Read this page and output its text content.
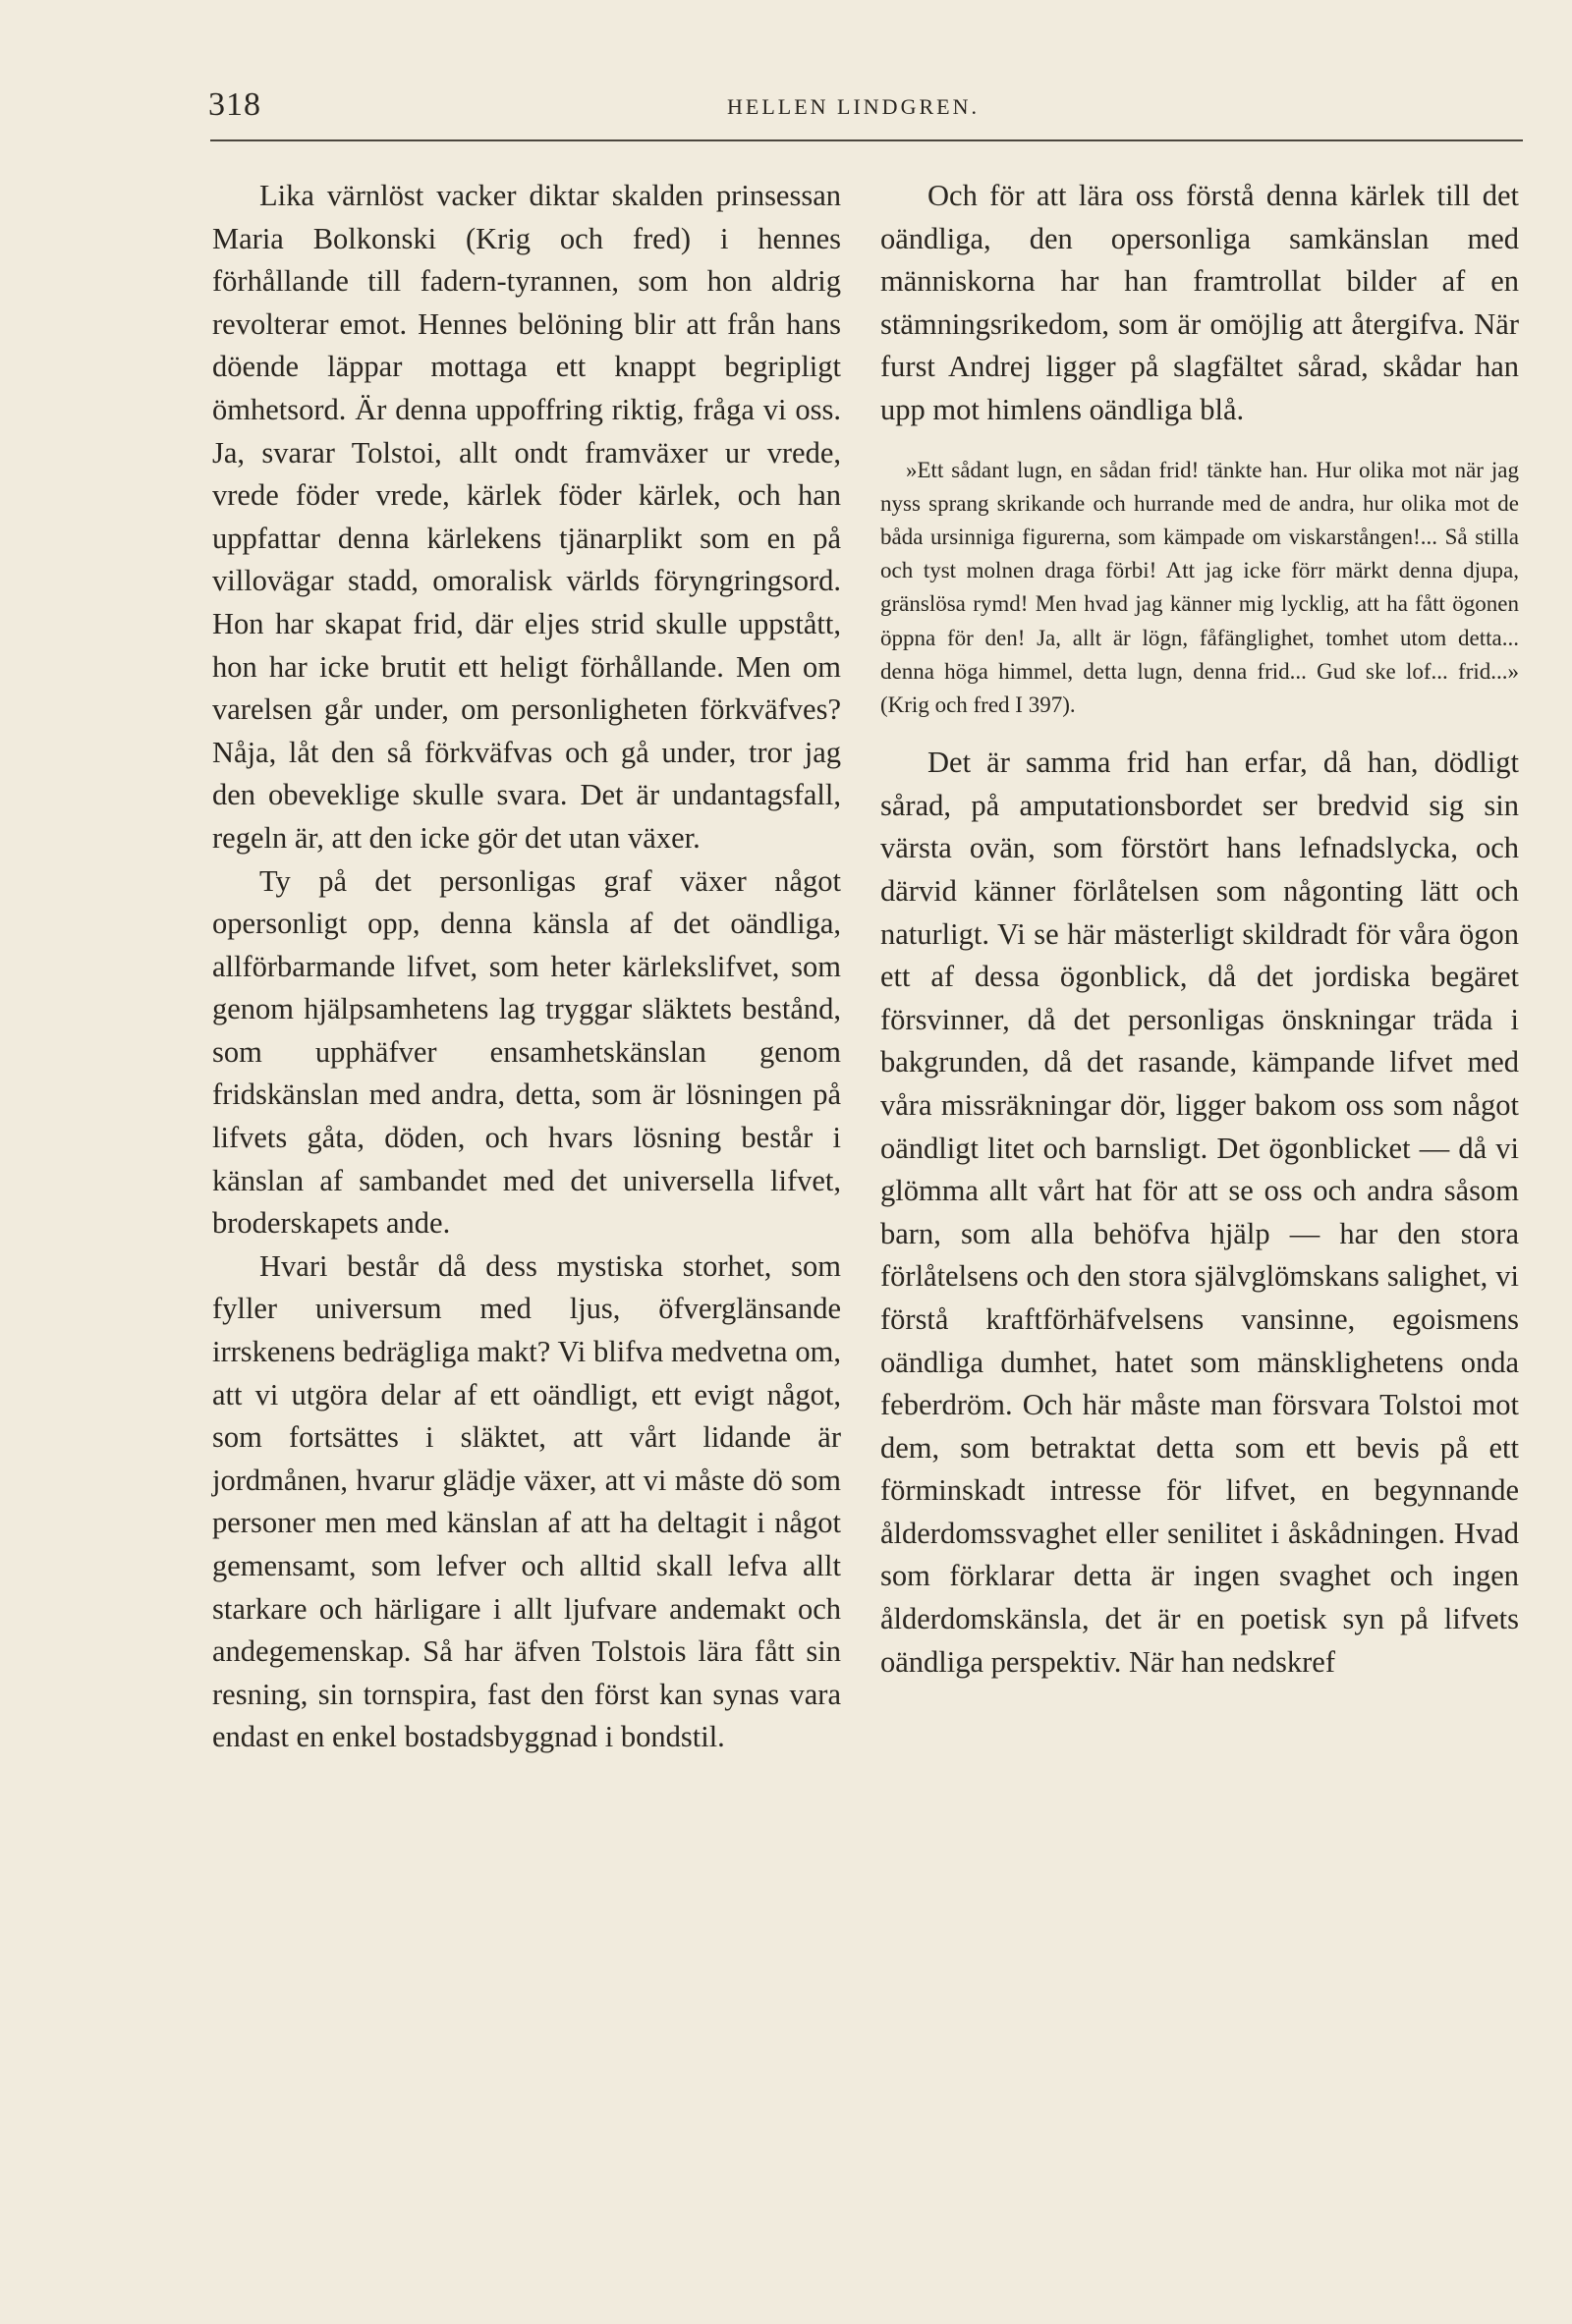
318	HELLEN LINDGREN.

Lika värnlöst vacker diktar skalden prinsessan Maria Bolkonski (Krig och fred) i hennes förhållande till fadern-tyrannen, som hon aldrig revolterar emot. Hennes belöning blir att från hans döende läppar mottaga ett knappt begripligt ömhetsord. Är denna uppoffring riktig, fråga vi oss. Ja, svarar Tolstoi, allt ondt framväxer ur vrede, vrede föder vrede, kärlek föder kärlek, och han uppfattar denna kärlekens tjänarplikt som en på villovägar stadd, omoralisk världs föryngringsord. Hon har skapat frid, där eljes strid skulle uppstått, hon har icke brutit ett heligt förhållande. Men om varelsen går under, om personligheten förkväfves? Nåja, låt den så förkväfvas och gå under, tror jag den obeveklige skulle svara. Det är undantagsfall, regeln är, att den icke gör det utan växer.

Ty på det personligas graf växer något opersonligt opp, denna känsla af det oändliga, allförbarmande lifvet, som heter kärlekslifvet, som genom hjälpsamhetens lag tryggar släktets bestånd, som upphäfver ensamhetskänslan genom fridskänslan med andra, detta, som är lösningen på lifvets gåta, döden, och hvars lösning består i känslan af sambandet med det universella lifvet, broderskapets ande.

Hvari består då dess mystiska storhet, som fyller universum med ljus, öfverglänsande irrskenens bedrägliga makt? Vi blifva medvetna om, att vi utgöra delar af ett oändligt, ett evigt något, som fortsättes i släktet, att vårt lidande är jordmånen, hvarur glädje växer, att vi måste dö som personer men med känslan af att ha deltagit i något gemensamt, som lefver och alltid skall lefva allt starkare och härligare i allt ljufvare andemakt och andegemenskap. Så har äfven Tolstois lära fått sin resning, sin tornspira, fast den först kan synas vara endast en enkel bostadsbyggnad i bondstil.

Och för att lära oss förstå denna kärlek till det oändliga, den opersonliga samkänslan med människorna har han framtrollat bilder af en stämningsrikedom, som är omöjlig att återgifva. När furst Andrej ligger på slagfältet sårad, skådar han upp mot himlens oändliga blå.

»Ett sådant lugn, en sådan frid! tänkte han. Hur olika mot när jag nyss sprang skrikande och hurrande med de andra, hur olika mot de båda ursinniga figurerna, som kämpade om viskarstången!... Så stilla och tyst molnen draga förbi! Att jag icke förr märkt denna djupa, gränslösa rymd! Men hvad jag känner mig lycklig, att ha fått ögonen öppna för den! Ja, allt är lögn, fåfänglighet, tomhet utom detta... denna höga himmel, detta lugn, denna frid... Gud ske lof... frid...» (Krig och fred I 397).

Det är samma frid han erfar, då han, dödligt sårad, på amputationsbordet ser bredvid sig sin värsta ovän, som förstört hans lefnadslycka, och därvid känner förlåtelsen som någonting lätt och naturligt. Vi se här mästerligt skildradt för våra ögon ett af dessa ögonblick, då det jordiska begäret försvinner, då det personligas önskningar träda i bakgrunden, då det rasande, kämpande lifvet med våra missräkningar dör, ligger bakom oss som något oändligt litet och barnsligt. Det ögonblicket — då vi glömma allt vårt hat för att se oss och andra såsom barn, som alla behöfva hjälp — har den stora förlåtelsens och den stora självglömskans salighet, vi förstå kraftförhäfvelsens vansinne, egoismens oändliga dumhet, hatet som mänsklighetens onda feberdröm. Och här måste man försvara Tolstoi mot dem, som betraktat detta som ett bevis på ett förminskadt intresse för lifvet, en begynnande ålderdomssvaghet eller senilitet i åskådningen. Hvad som förklarar detta är ingen svaghet och ingen ålderdomskänsla, det är en poetisk syn på lifvets oändliga perspektiv. När han nedskref
